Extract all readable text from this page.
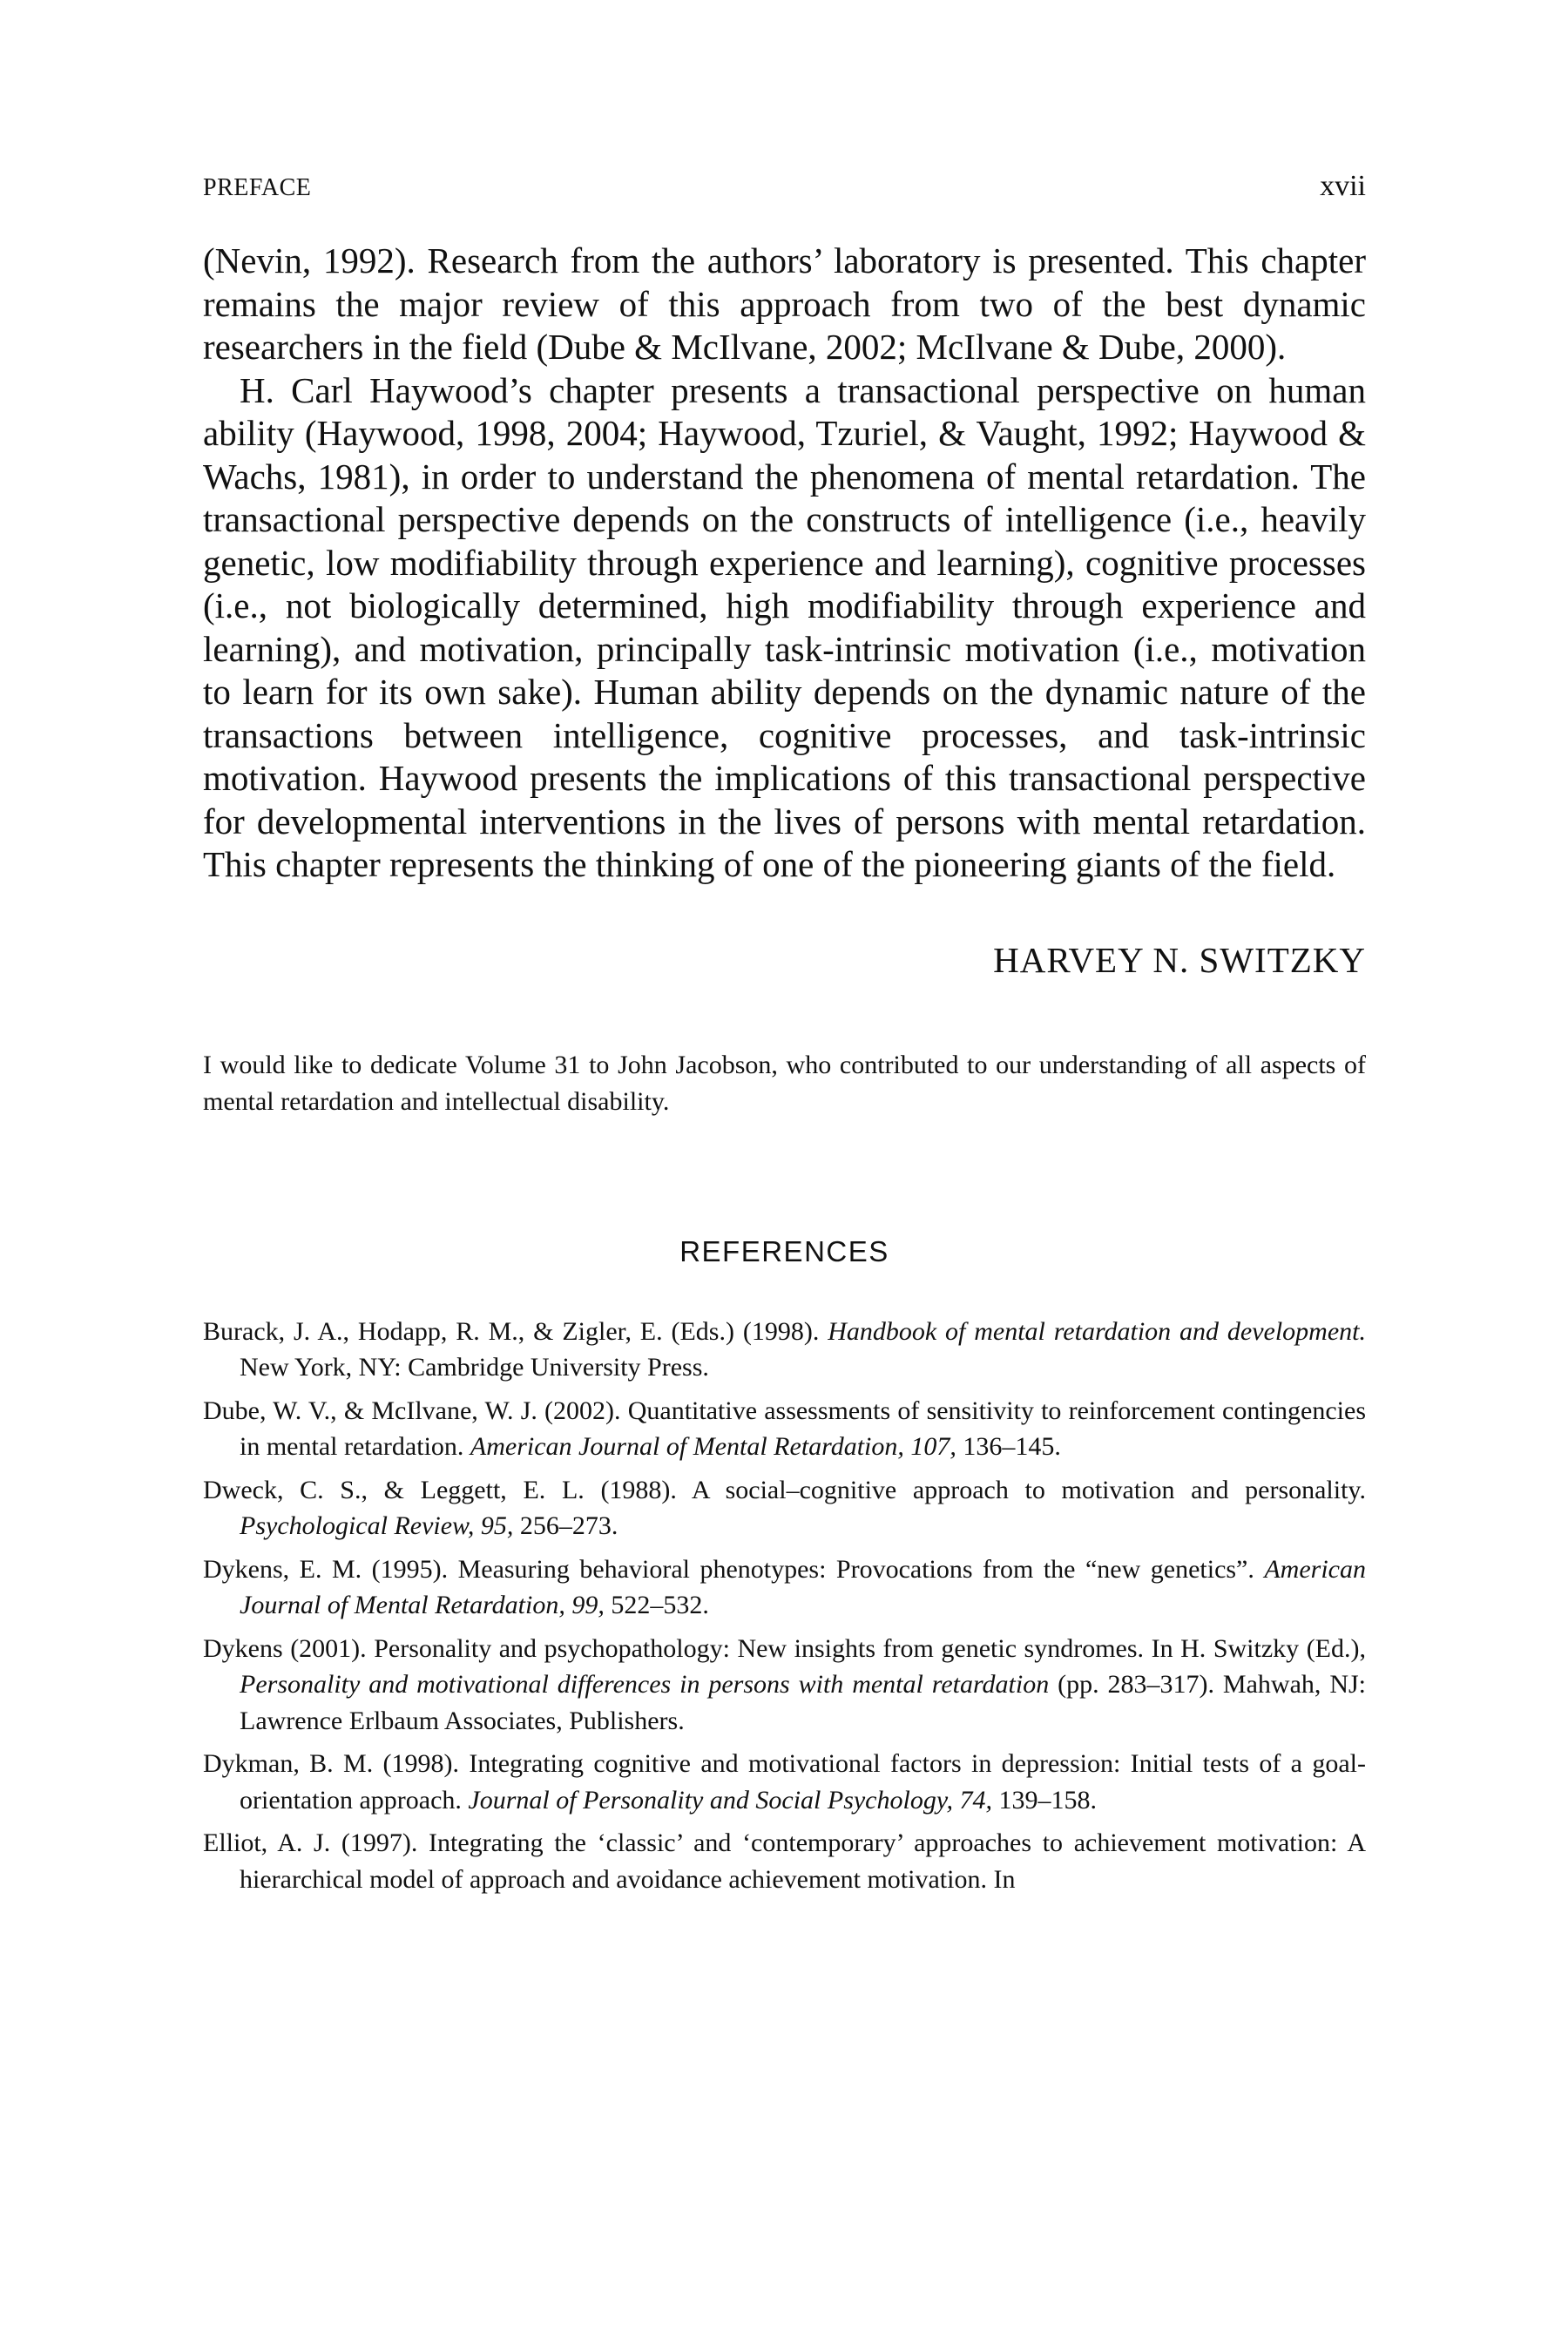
PREFACE	xvii

(Nevin, 1992). Research from the authors’ laboratory is presented. This chapter remains the major review of this approach from two of the best dynamic researchers in the field (Dube & McIlvane, 2002; McIlvane & Dube, 2000).

H. Carl Haywood’s chapter presents a transactional perspective on human ability (Haywood, 1998, 2004; Haywood, Tzuriel, & Vaught, 1992; Haywood & Wachs, 1981), in order to understand the phenomena of mental retardation. The transactional perspective depends on the constructs of intelligence (i.e., heavily genetic, low modifiability through experience and learning), cognitive processes (i.e., not biologically determined, high modifiability through experience and learning), and motivation, principally task-intrinsic motivation (i.e., motivation to learn for its own sake). Human ability depends on the dynamic nature of the transactions between intelligence, cognitive processes, and task-intrinsic motivation. Haywood presents the implications of this transactional perspective for developmental interventions in the lives of persons with mental retardation. This chapter represents the thinking of one of the pioneering giants of the field.

HARVEY N. SWITZKY
I would like to dedicate Volume 31 to John Jacobson, who contributed to our understanding of all aspects of mental retardation and intellectual disability.
REFERENCES

Burack, J. A., Hodapp, R. M., & Zigler, E. (Eds.) (1998). Handbook of mental retardation and development. New York, NY: Cambridge University Press.

Dube, W. V., & McIlvane, W. J. (2002). Quantitative assessments of sensitivity to reinforcement contingencies in mental retardation. American Journal of Mental Retardation, 107, 136–145.

Dweck, C. S., & Leggett, E. L. (1988). A social–cognitive approach to motivation and personality. Psychological Review, 95, 256–273.

Dykens, E. M. (1995). Measuring behavioral phenotypes: Provocations from the “new genetics”. American Journal of Mental Retardation, 99, 522–532.

Dykens (2001). Personality and psychopathology: New insights from genetic syndromes. In H. Switzky (Ed.), Personality and motivational differences in persons with mental retardation (pp. 283–317). Mahwah, NJ: Lawrence Erlbaum Associates, Publishers.

Dykman, B. M. (1998). Integrating cognitive and motivational factors in depression: Initial tests of a goal-orientation approach. Journal of Personality and Social Psychology, 74, 139–158.

Elliot, A. J. (1997). Integrating the ‘classic’ and ‘contemporary’ approaches to achievement motivation: A hierarchical model of approach and avoidance achievement motivation. In
